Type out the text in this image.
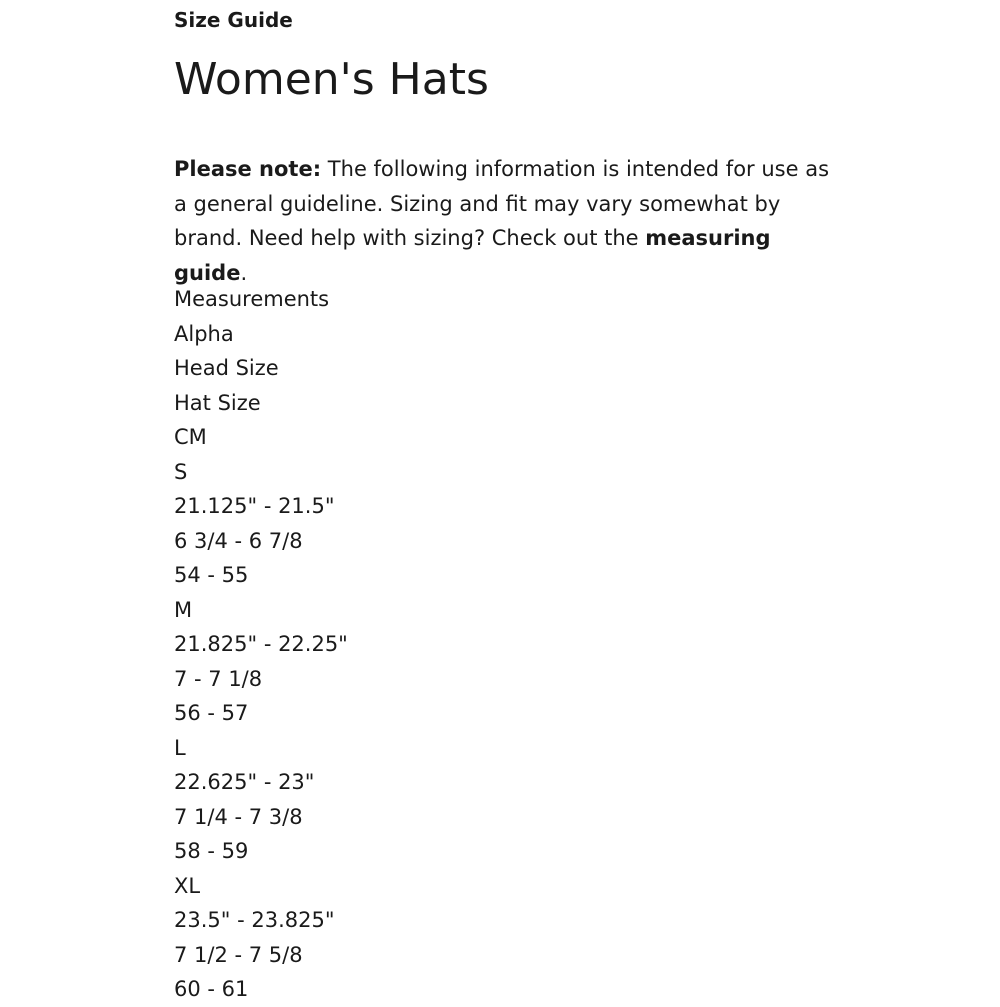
Size Guide
Women's Hats

Please note: The following information is intended for use as a general guideline. Sizing and fit may vary somewhat by brand. Need help with sizing? Check out the measuring guide.

Measurements
Alpha
Head Size
Hat Size
CM
S
21.125" - 21.5"
6 3/4 - 6 7/8
54 - 55
M
21.825" - 22.25"
7 - 7 1/8
56 - 57
L
22.625" - 23"
7 1/4 - 7 3/8
58 - 59
XL
23.5" - 23.825"
7 1/2 - 7 5/8
60 - 61
